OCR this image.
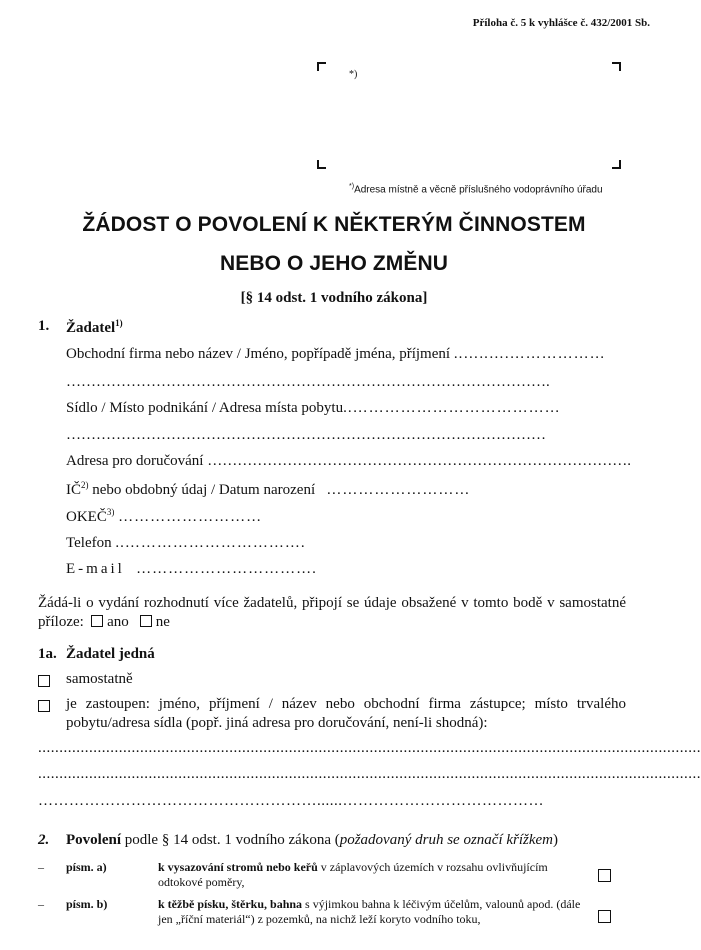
Příloha č. 5 k vyhlášce č. 432/2001 Sb.
*)
*)Adresa místně a věcně příslušného vodoprávního úřadu
ŽÁDOST O POVOLENÍ K NĚKTERÝM ČINNOSTEM
NEBO O JEHO ZMĚNU
[§ 14 odst. 1 vodního zákona]
1. Žadatel$^{1)}$
Obchodní firma nebo název / Jméno, popřípadě jména, příjmení ..…..….………………
…………………………………………………………………………………….
Sídlo / Místo podnikání / Adresa místa pobytu..…………………………………
……………………………………………………………………………………
Adresa pro doručování ………………………………………………………………………….
IČ$^{2)}$ nebo obdobný údaj / Datum narození ………………………
OKEČ$^{3)}$ ………………………
Telefon ..…………………………….
E-mail …………………………….
Žádá-li o vydání rozhodnutí více žadatelů, připojí se údaje obsažené v tomto bodě v samostatné příloze: ano ne
1a. Žadatel jedná
samostatně
je zastoupen: jméno, příjmení / název nebo obchodní firma zástupce; místo trvalého pobytu/adresa sídla (popř. jiná adresa pro doručování, není-li shodná):
............................................................................................................................................................
............................................................................................................................................................
………………………………………………......…………………………………
2. Povolení podle § 14 odst. 1 vodního zákona (požadovaný druh se označí křížkem)
– písm. a)	k vysazování stromů nebo keřů v záplavových územích v rozsahu ovlivňujícím odtokové poměry,
– písm. b)	k těžbě písku, štěrku, bahna s výjimkou bahna k léčivým účelům, valounů apod. (dále jen „říční materiál“) z pozemků, na nichž leží koryto vodního toku,
